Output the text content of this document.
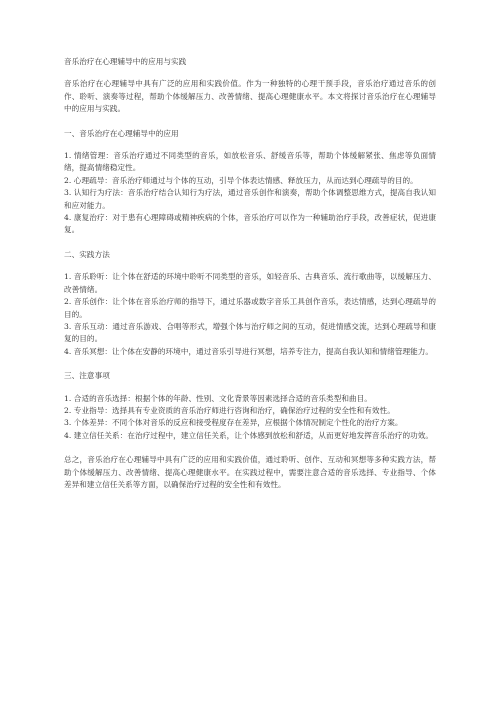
音乐治疗在心理辅导中的应用与实践

音乐治疗在心理辅导中具有广泛的应用和实践价值。作为一种独特的心理干预手段，音乐治疗通过音乐的创作、聆听、演奏等过程，帮助个体缓解压力、改善情绪、提高心理健康水平。本文将探讨音乐治疗在心理辅导中的应用与实践。

一、音乐治疗在心理辅导中的应用

1. 情绪管理：音乐治疗通过不同类型的音乐，如放松音乐、舒缓音乐等，帮助个体缓解紧张、焦虑等负面情绪，提高情绪稳定性。

2. 心理疏导：音乐治疗师通过与个体的互动，引导个体表达情感、释放压力，从而达到心理疏导的目的。

3. 认知行为疗法：音乐治疗结合认知行为疗法，通过音乐创作和演奏，帮助个体调整思维方式，提高自我认知和应对能力。

4. 康复治疗：对于患有心理障碍或精神疾病的个体，音乐治疗可以作为一种辅助治疗手段，改善症状，促进康复。

二、实践方法

1. 音乐聆听：让个体在舒适的环境中聆听不同类型的音乐，如轻音乐、古典音乐、流行歌曲等，以缓解压力、改善情绪。

2. 音乐创作：让个体在音乐治疗师的指导下，通过乐器或数字音乐工具创作音乐，表达情感，达到心理疏导的目的。

3. 音乐互动：通过音乐游戏、合唱等形式，增强个体与治疗师之间的互动，促进情感交流，达到心理疏导和康复的目的。

4. 音乐冥想：让个体在安静的环境中，通过音乐引导进行冥想，培养专注力，提高自我认知和情绪管理能力。

三、注意事项

1. 合适的音乐选择：根据个体的年龄、性别、文化背景等因素选择合适的音乐类型和曲目。

2. 专业指导：选择具有专业资质的音乐治疗师进行咨询和治疗，确保治疗过程的安全性和有效性。

3. 个体差异：不同个体对音乐的反应和接受程度存在差异，应根据个体情况制定个性化的治疗方案。

4. 建立信任关系：在治疗过程中，建立信任关系，让个体感到放松和舒适，从而更好地发挥音乐治疗的功效。

总之，音乐治疗在心理辅导中具有广泛的应用和实践价值，通过聆听、创作、互动和冥想等多种实践方法，帮助个体缓解压力、改善情绪、提高心理健康水平。在实践过程中，需要注意合适的音乐选择、专业指导、个体差异和建立信任关系等方面，以确保治疗过程的安全性和有效性。
